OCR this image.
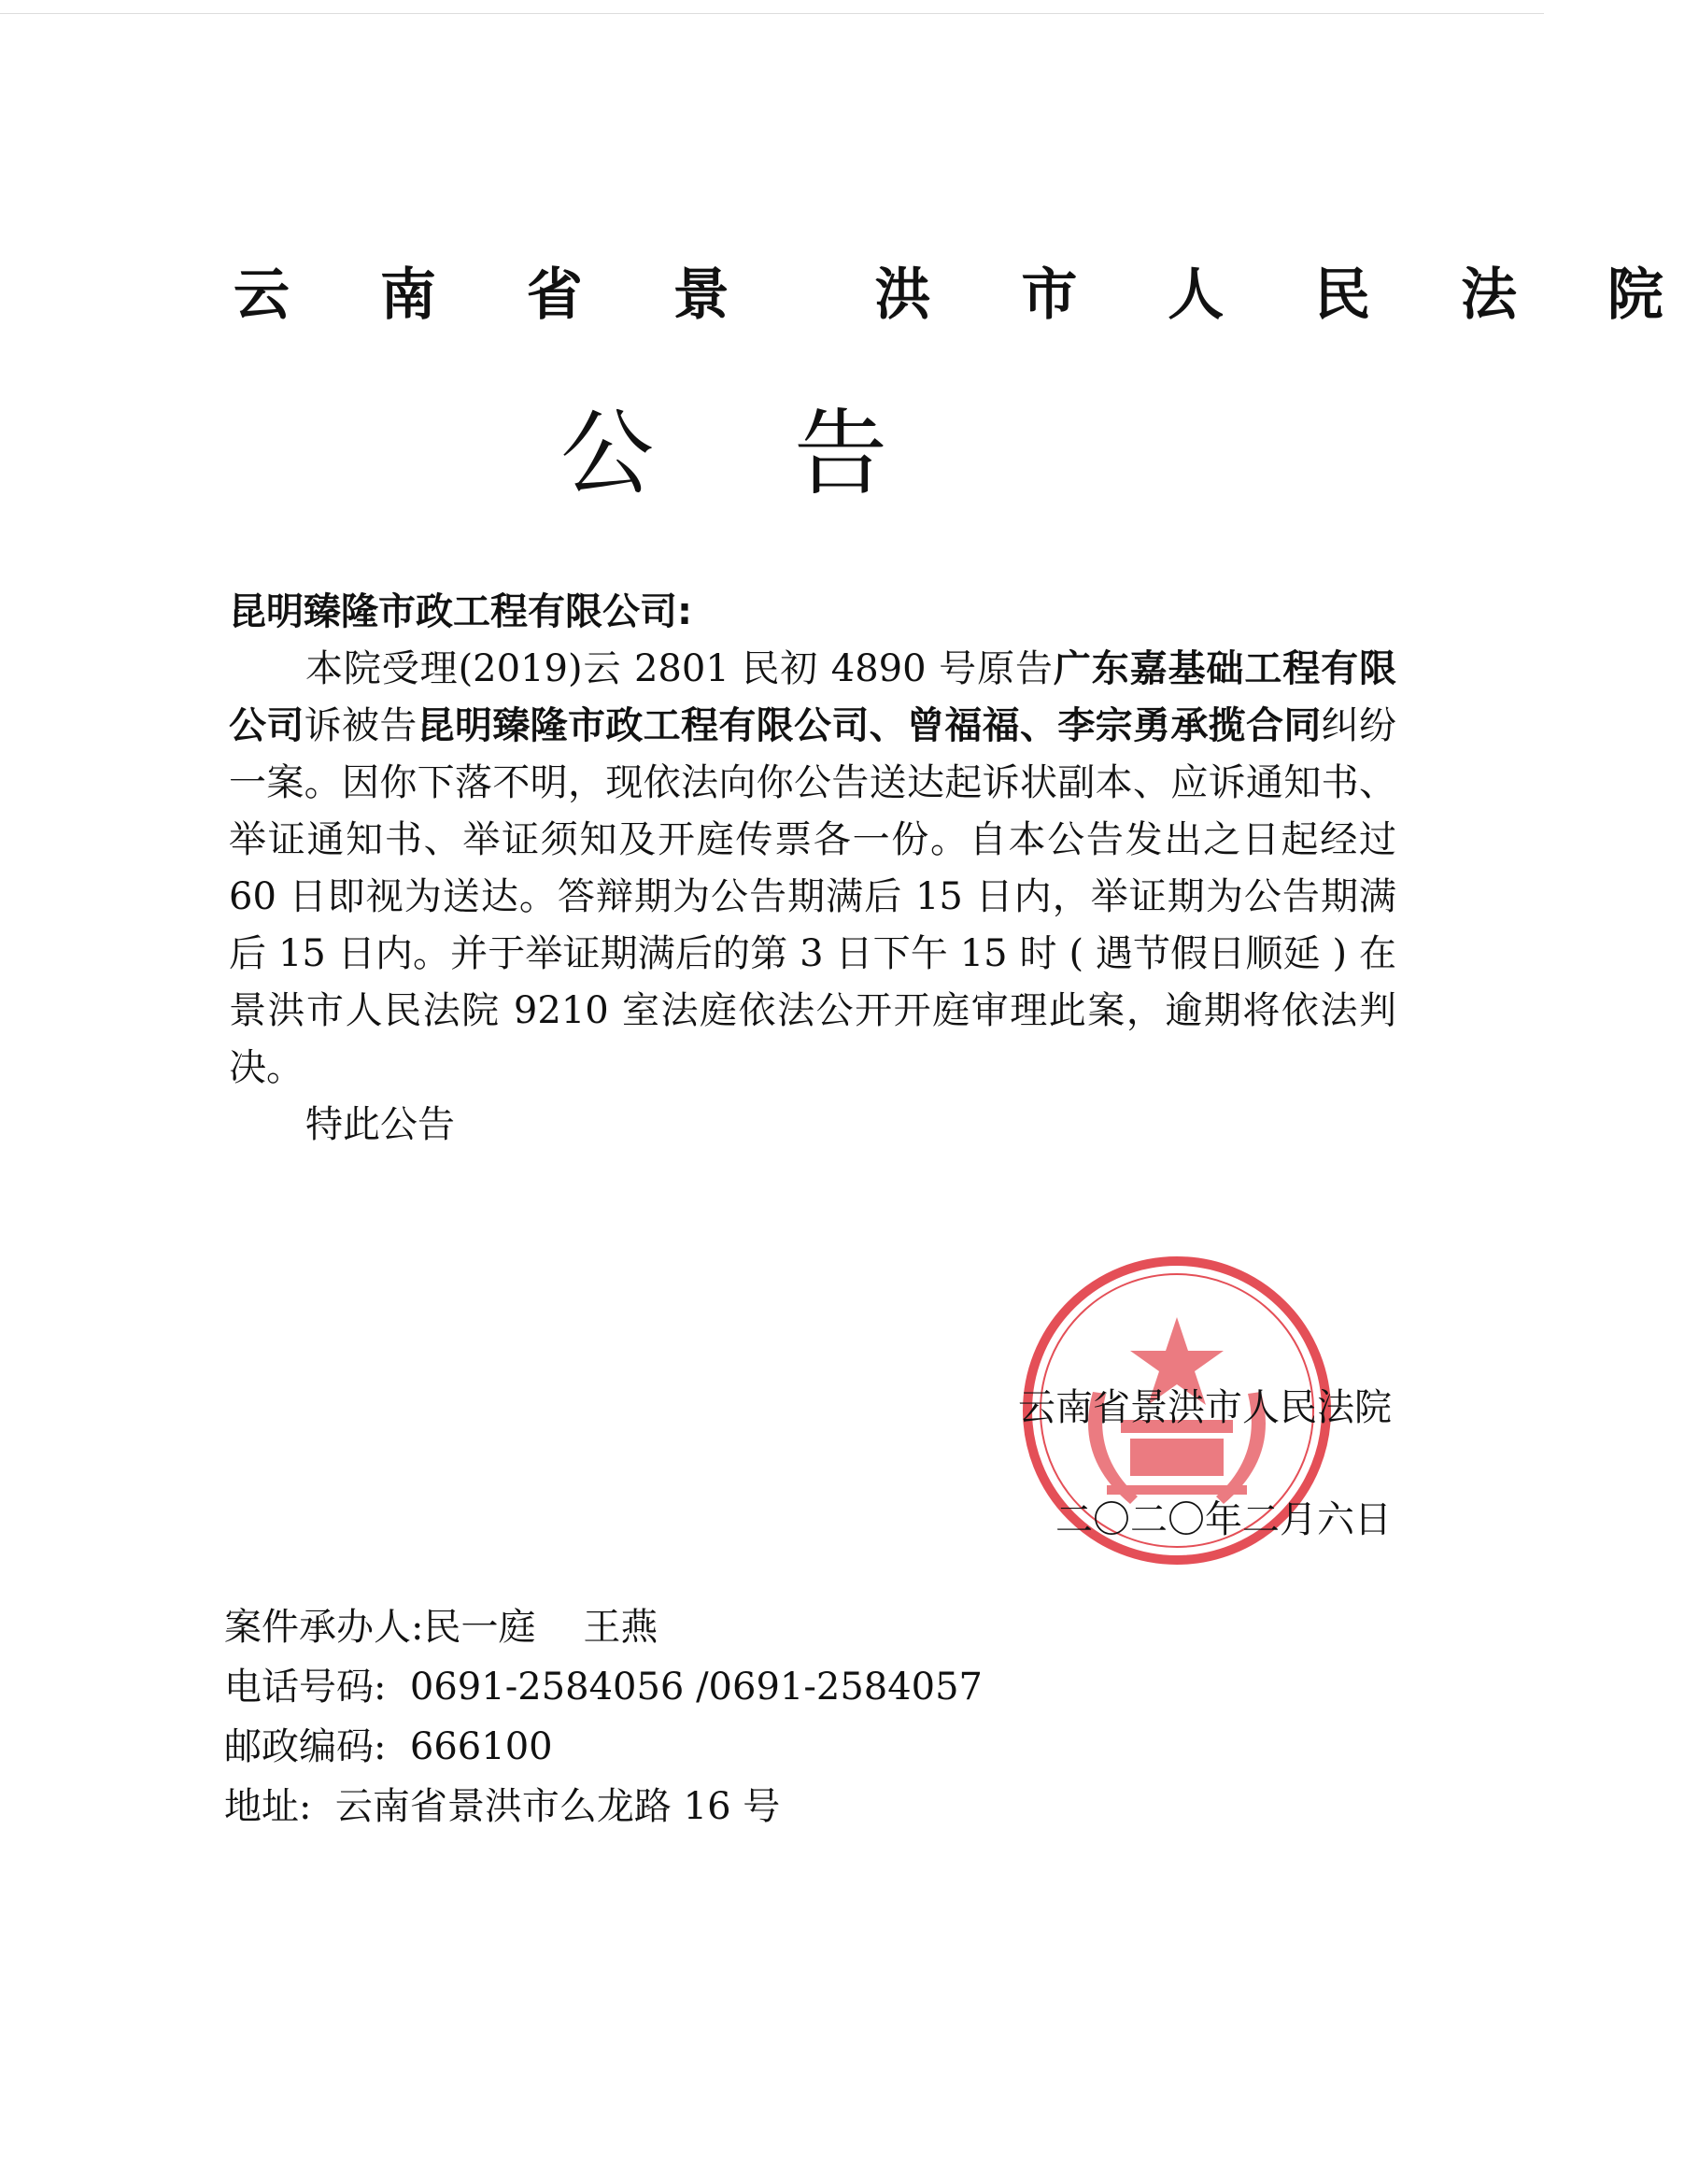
云 南 省 景  洪 市 人 民 法 院
公告
昆明臻隆市政工程有限公司:

本院受理(2019)云 2801 民初 4890 号原告广东嘉基础工程有限公司诉被告昆明臻隆市政工程有限公司、曾福福、李宗勇承揽合同纠纷一案。因你下落不明，现依法向你公告送达起诉状副本、应诉通知书、举证通知书、举证须知及开庭传票各一份。自本公告发出之日起经过 60 日即视为送达。答辩期为公告期满后 15 日内，举证期为公告期满后 15 日内。并于举证期满后的第 3 日下午 15 时 ( 遇节假日顺延 ) 在景洪市人民法院 9210 室法庭依法公开开庭审理此案，逾期将依法判决。

特此公告

云南省景洪市人民法院
二〇二〇年二月六日
案件承办人:民一庭    王燕
电话号码:  0691-2584056 /0691-2584057
邮政编码:  666100
地址:  云南省景洪市么龙路 16 号
